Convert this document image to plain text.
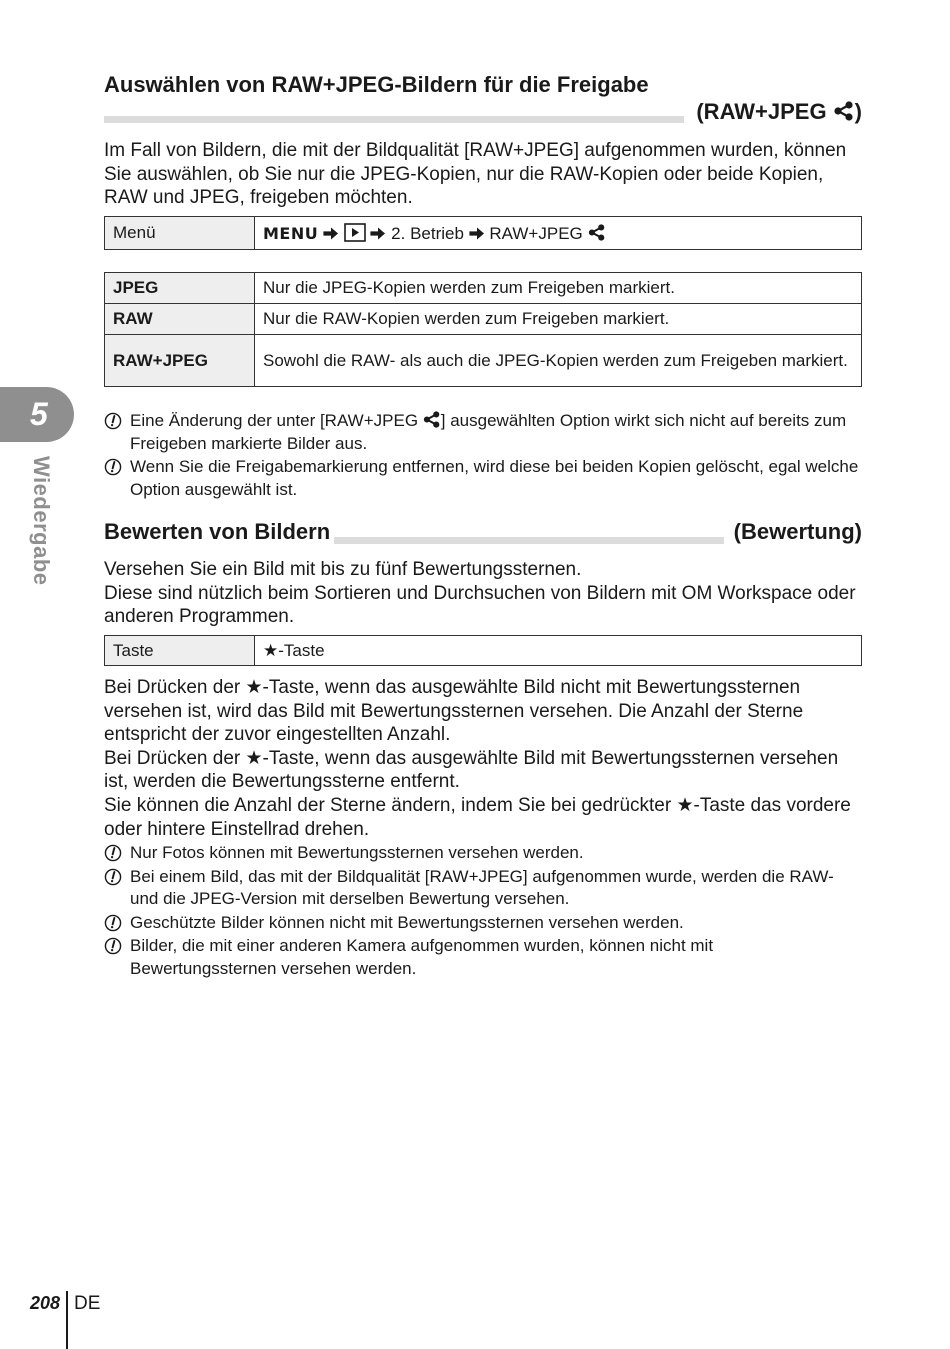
Auswählen von RAW+JPEG-Bildern für die Freigabe
(RAW+JPEG )
Im Fall von Bildern, die mit der Bildqualität [RAW+JPEG] aufgenommen wurden, können Sie auswählen, ob Sie nur die JPEG-Kopien, nur die RAW-Kopien oder beide Kopien, RAW und JPEG, freigeben möchten.
Menü	MENU	2. Betrieb RAW+JPEG
JPEG	Nur die JPEG-Kopien werden zum Freigeben markiert.
RAW	Nur die RAW-Kopien werden zum Freigeben markiert.
RAW+JPEG	Sowohl die RAW- als auch die JPEG-Kopien werden zum Freigeben markiert.
Eine Änderung der unter [RAW+JPEG ] ausgewählten Option wirkt sich nicht auf bereits zum Freigeben markierte Bilder aus.
Wenn Sie die Freigabemarkierung entfernen, wird diese bei beiden Kopien gelöscht, egal welche Option ausgewählt ist.
Bewerten von Bildern	(Bewertung)

Versehen Sie ein Bild mit bis zu fünf Bewertungssternen.

Diese sind nützlich beim Sortieren und Durchsuchen von Bildern mit OM Workspace oder anderen Programmen.

Taste	★-Taste

Bei Drücken der ★-Taste, wenn das ausgewählte Bild nicht mit Bewertungssternen versehen ist, wird das Bild mit Bewertungssternen versehen. Die Anzahl der Sterne entspricht der zuvor eingestellten Anzahl.

Bei Drücken der ★-Taste, wenn das ausgewählte Bild mit Bewertungssternen versehen ist, werden die Bewertungssterne entfernt.

Sie können die Anzahl der Sterne ändern, indem Sie bei gedrückter ★-Taste das vordere oder hintere Einstellrad drehen.

Nur Fotos können mit Bewertungssternen versehen werden.
Bei einem Bild, das mit der Bildqualität [RAW+JPEG] aufgenommen wurde, werden die RAW- und die JPEG-Version mit derselben Bewertung versehen.
Geschützte Bilder können nicht mit Bewertungssternen versehen werden.
Bilder, die mit einer anderen Kamera aufgenommen wurden, können nicht mit Bewertungssternen versehen werden.
5
Wiedergabe
208 DE
